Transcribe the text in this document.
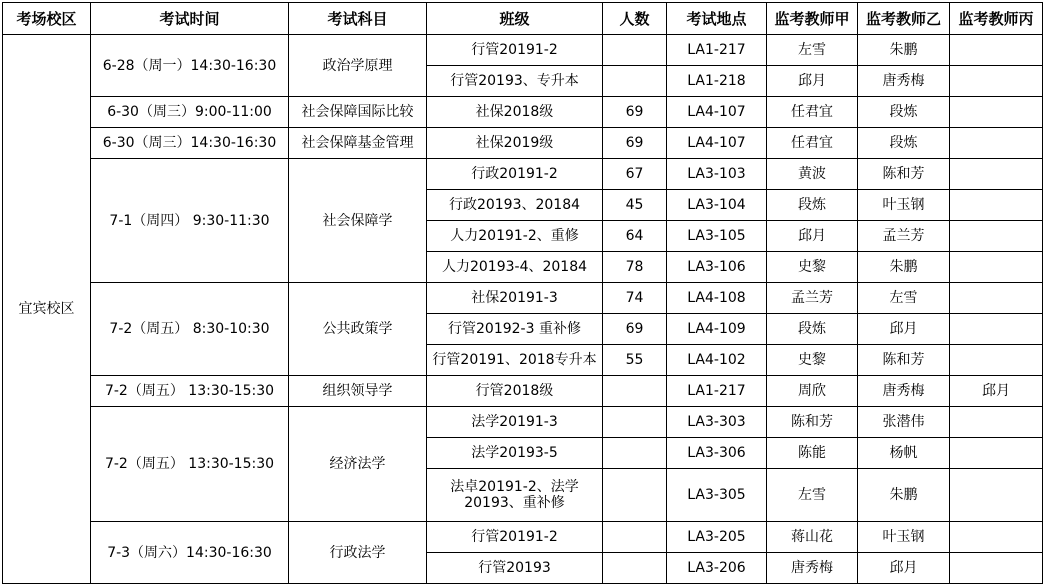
考场校区	考试时间	考试科目	班级	人数	考试地点	监考教师甲	监考教师乙	监考教师丙
宜宾校区	6-28（周一）14:30-16:30	政治学原理	行管20191-2		LA1-217	左雪	朱鹏	
			行管20193、专升本		LA1-218	邱月	唐秀梅	
	6-30（周三）9:00-11:00	社会保障国际比较	社保2018级	69	LA4-107	任君宜	段炼	
	6-30（周三）14:30-16:30	社会保障基金管理	社保2019级	69	LA4-107	任君宜	段炼	
	7-1（周四） 9:30-11:30	社会保障学	行政20191-2	67	LA3-103	黄波	陈和芳	
			行政20193、20184	45	LA3-104	段炼	叶玉钢	
			人力20191-2、重修	64	LA3-105	邱月	孟兰芳	
			人力20193-4、20184	78	LA3-106	史黎	朱鹏	
	7-2（周五） 8:30-10:30	公共政策学	社保20191-3	74	LA4-108	孟兰芳	左雪	
			行管20192-3 重补修	69	LA4-109	段炼	邱月	
			行管20191、2018专升本	55	LA4-102	史黎	陈和芳	
	7-2（周五） 13:30-15:30	组织领导学	行管2018级		LA1-217	周欣	唐秀梅	邱月
	7-2（周五） 13:30-15:30	经济法学	法学20191-3		LA3-303	陈和芳	张潜伟	
			法学20193-5		LA3-306	陈能	杨帆	
			法卓20191-2、法学20193、重补修		LA3-305	左雪	朱鹏	
	7-3（周六）14:30-16:30	行政法学	行管20191-2		LA3-205	蒋山花	叶玉钢	
			行管20193		LA3-206	唐秀梅	邱月	
